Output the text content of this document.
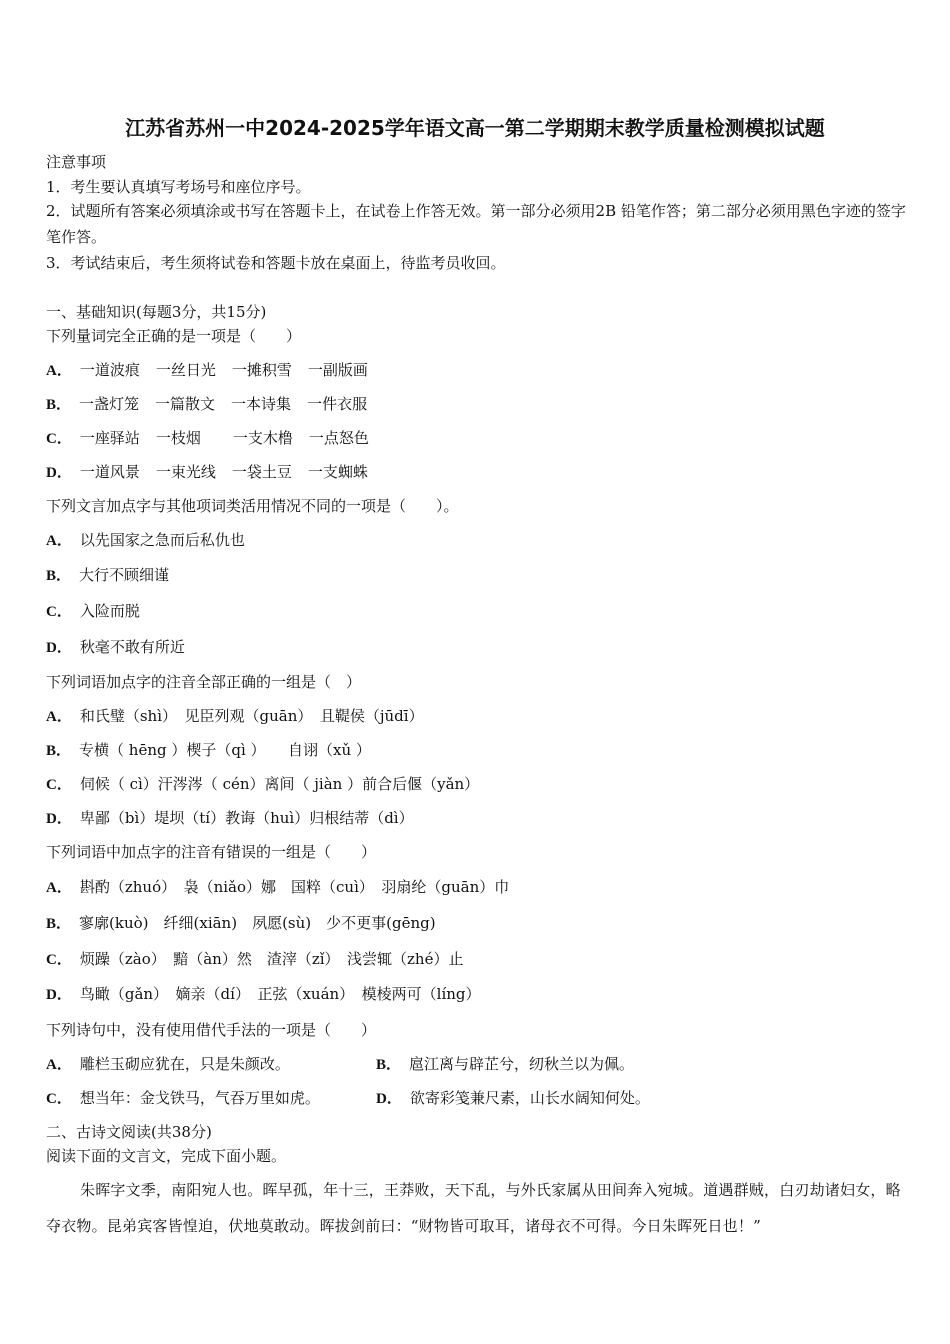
江苏省苏州一中2024-2025学年语文高一第二学期期末教学质量检测模拟试题
注意事项
1．考生要认真填写考场号和座位序号。
2．试题所有答案必须填涂或书写在答题卡上，在试卷上作答无效。第一部分必须用2B 铅笔作答；第二部分必须用黑色字迹的签字笔作答。
3．考试结束后，考生须将试卷和答题卡放在桌面上，待监考员收回。
一、基础知识(每题3分，共15分)
下列量词完全正确的是一项是（　　）
A． 一道波痕 一丝日光 一摊积雪 一副版画
B． 一盏灯笼 一篇散文 一本诗集 一件衣服
C． 一座驿站 一枝烟 一支木橹 一点怒色
D． 一道风景 一束光线 一袋土豆 一支蜘蛛
下列文言加点字与其他项词类活用情况不同的一项是（　　）。
A． 以先国家之急而后私仇也
B． 大行不顾细谨
C． 入险而脱
D． 秋毫不敢有所近
下列词语加点字的注音全部正确的一组是（　）
A． 和氏璧（shì）　见臣列观（guān）　且鞮侯（jūdī）
B． 专横（ hēng ）楔子（qì ）　　自诩（xǔ ）
C． 伺候（ cì）汗涔涔（ cén）离间（ jiàn ）前合后偃（yǎn）
D． 卑鄙（bì）堤坝（tí）教诲（huì）归根结蒂（dì）
下列词语中加点字的注音有错误的一组是（　　）
A． 斟酌（zhuó）　袅（niǎo）娜　国粹（cuì）　羽扇纶（guān）巾
B． 寥廓(kuò)　纤细(xiān)　夙愿(sù)　少不更事(gēng)
C． 烦躁（zào）　黯（àn）然　渣滓（zǐ）　浅尝辄（zhé）止
D． 鸟瞰（gǎn）　嫡亲（dí）　正弦（xuán）　模棱两可（líng）
下列诗句中，没有使用借代手法的一项是（　　）
A． 雕栏玉砌应犹在，只是朱颜改。	B． 扈江离与辟芷兮，纫秋兰以为佩。
C． 想当年：金戈铁马，气吞万里如虎。	D． 欲寄彩笺兼尺素，山长水阔知何处。
二、古诗文阅读(共38分)
阅读下面的文言文，完成下面小题。
朱晖字文季，南阳宛人也。晖早孤，年十三，王莽败，天下乱，与外氏家属从田间奔入宛城。道遇群贼，白刃劫诸妇女，略夺衣物。昆弟宾客皆惶迫，伏地莫敢动。晖拔剑前曰：“财物皆可取耳，诸母衣不可得。今日朱晖死日也！”
